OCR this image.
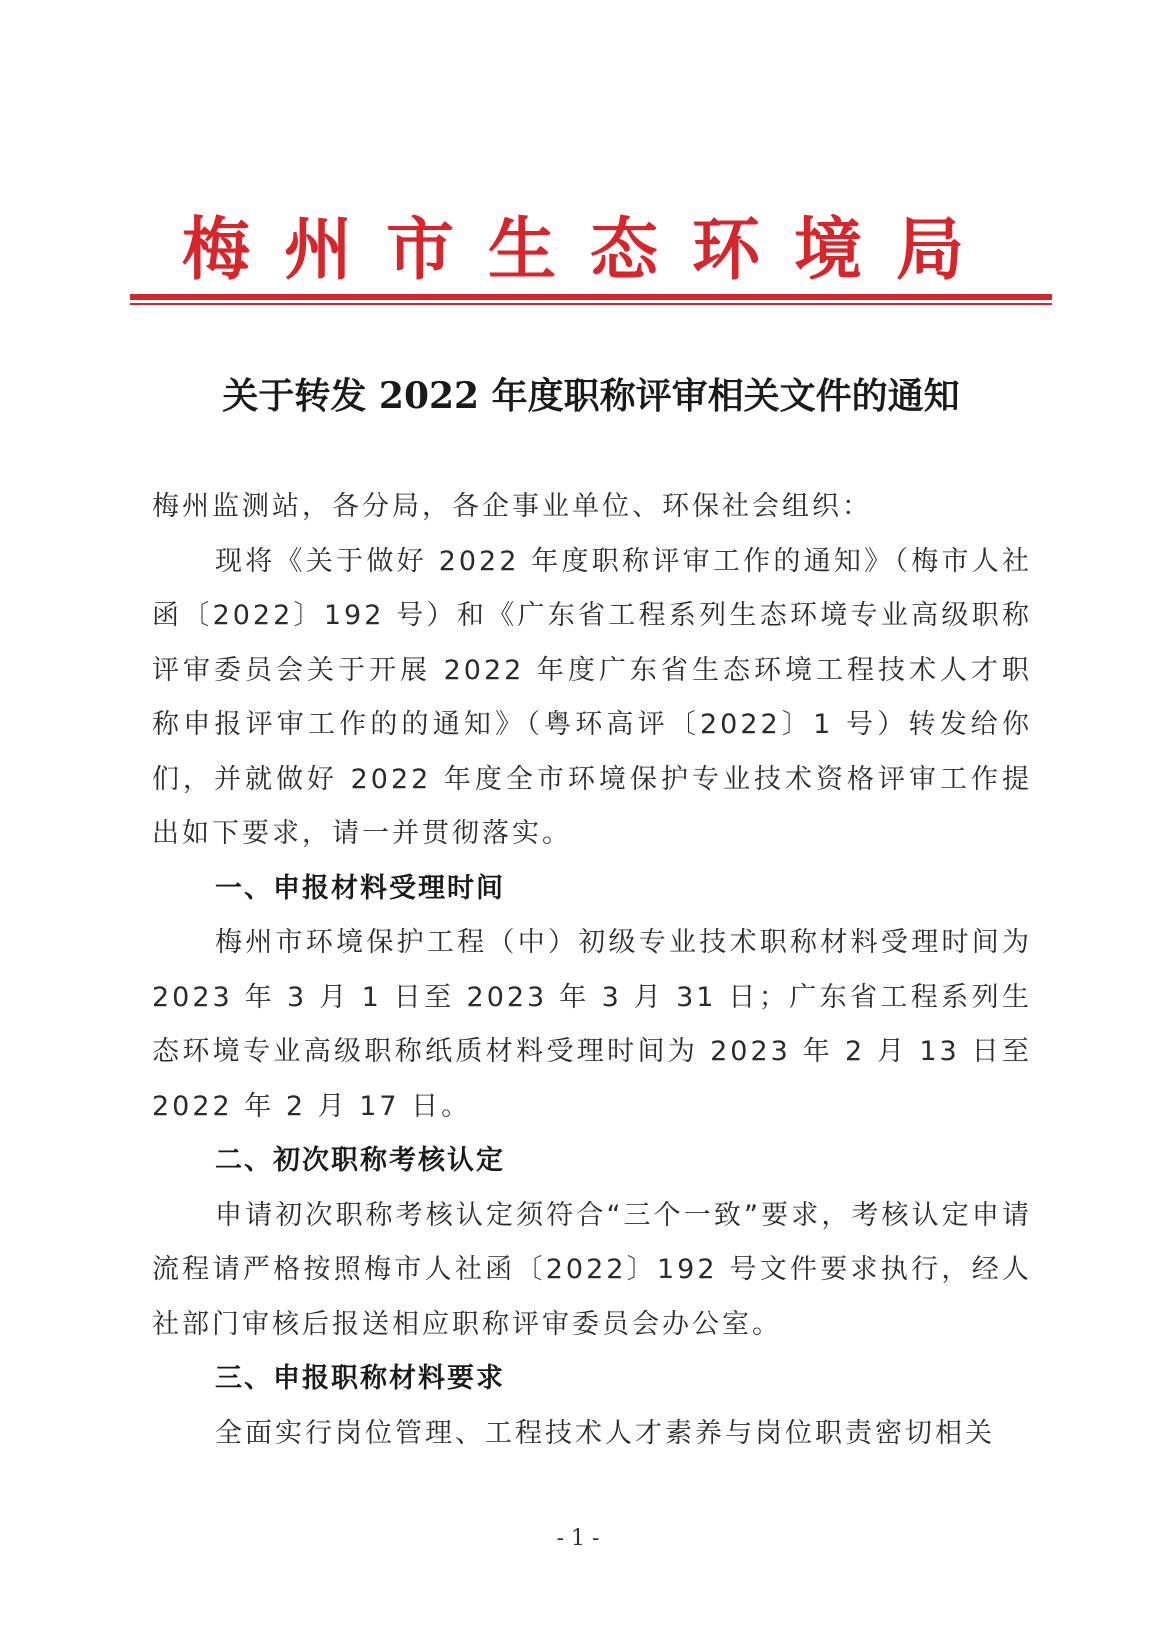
梅州市生态环境局
关于转发 2022 年度职称评审相关文件的通知

梅州监测站，各分局，各企事业单位、环保社会组织：

现将《关于做好 2022 年度职称评审工作的通知》（梅市人社函〔2022〕192 号）和《广东省工程系列生态环境专业高级职称评审委员会关于开展 2022 年度广东省生态环境工程技术人才职称申报评审工作的的通知》（粤环高评〔2022〕1 号）转发给你们，并就做好 2022 年度全市环境保护专业技术资格评审工作提出如下要求，请一并贯彻落实。

一、申报材料受理时间

梅州市环境保护工程（中）初级专业技术职称材料受理时间为 2023 年 3 月 1 日至 2023 年 3 月 31 日；广东省工程系列生态环境专业高级职称纸质材料受理时间为 2023 年 2 月 13 日至 2022 年 2 月 17 日。

二、初次职称考核认定

申请初次职称考核认定须符合“三个一致”要求，考核认定申请流程请严格按照梅市人社函〔2022〕192 号文件要求执行，经人社部门审核后报送相应职称评审委员会办公室。

三、申报职称材料要求

全面实行岗位管理、工程技术人才素养与岗位职责密切相关

- 1 -
